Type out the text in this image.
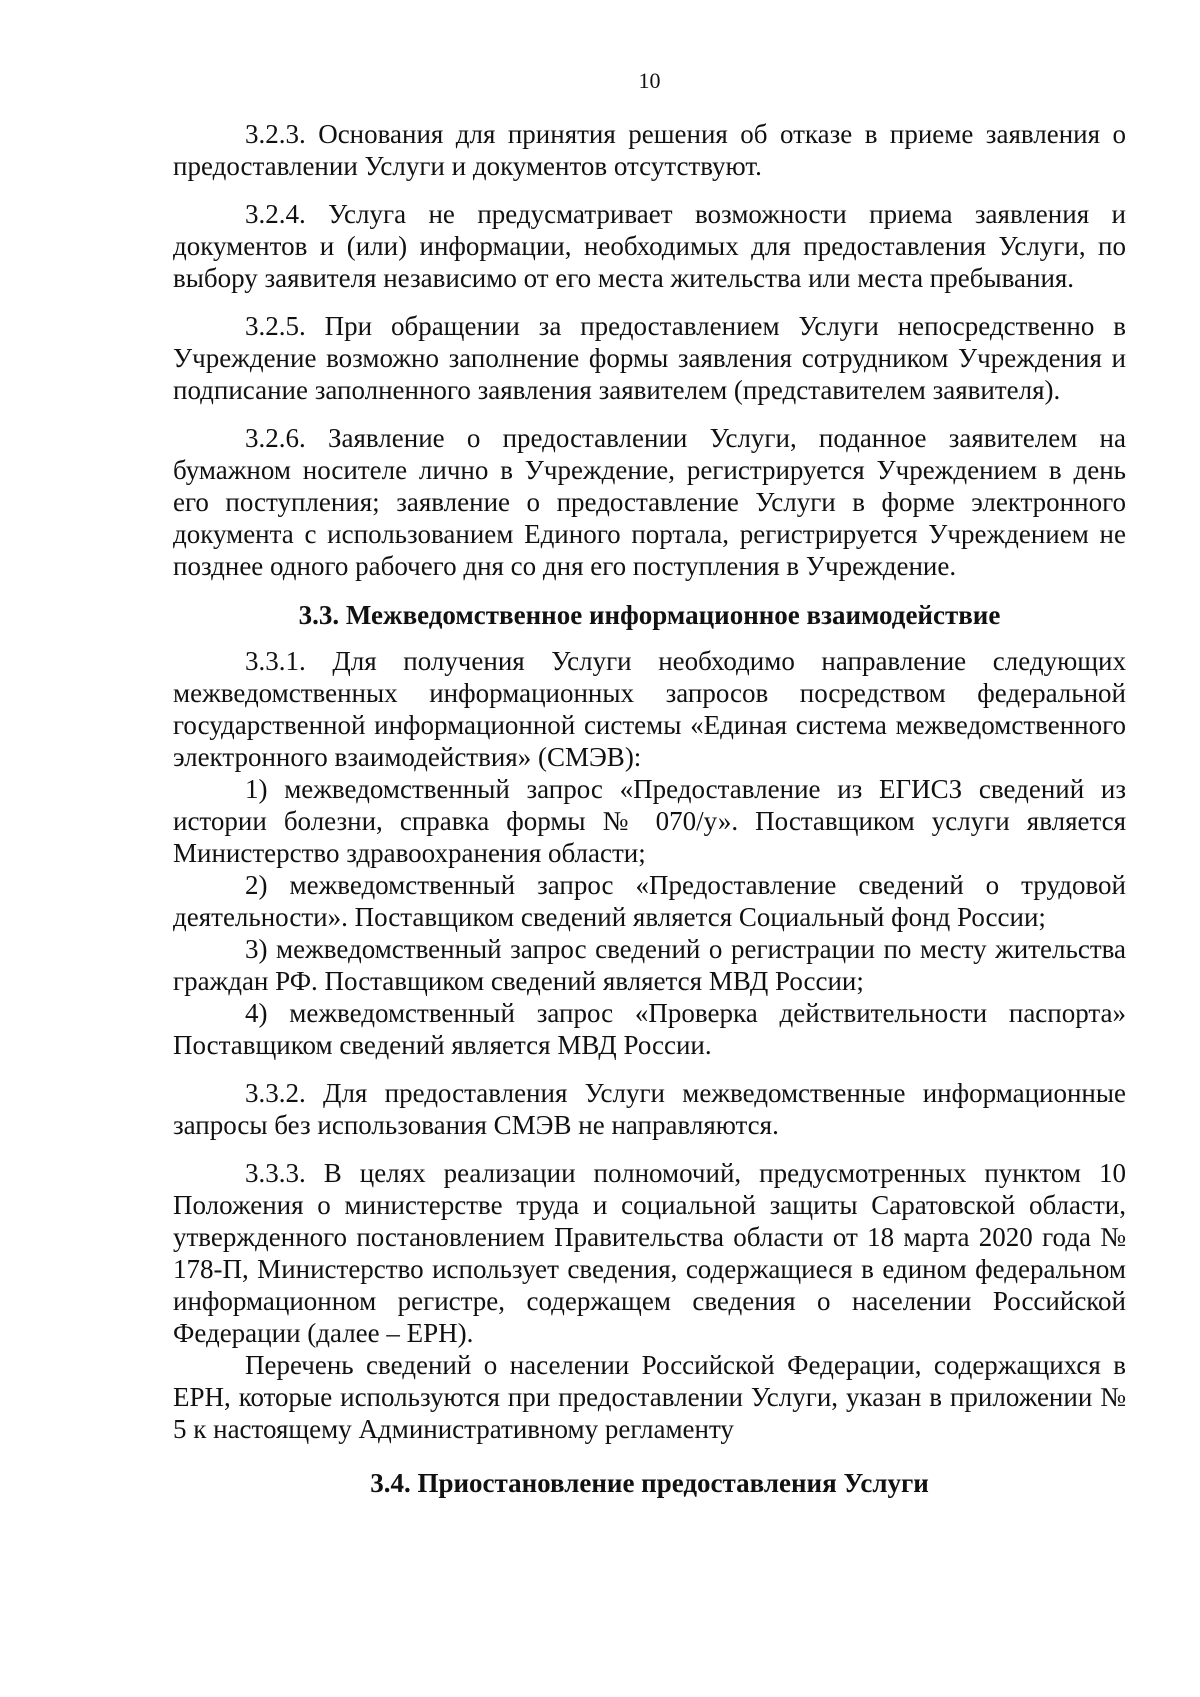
10

3.2.3. Основания для принятия решения об отказе в приеме заявления о предоставлении Услуги и документов отсутствуют.

3.2.4. Услуга не предусматривает возможности приема заявления и документов и (или) информации, необходимых для предоставления Услуги, по выбору заявителя независимо от его места жительства или места пребывания.

3.2.5. При обращении за предоставлением Услуги непосредственно в Учреждение возможно заполнение формы заявления сотрудником Учреждения и подписание заполненного заявления заявителем (представителем заявителя).

3.2.6. Заявление о предоставлении Услуги, поданное заявителем на бумажном носителе лично в Учреждение, регистрируется Учреждением в день его поступления; заявление о предоставление Услуги в форме электронного документа с использованием Единого портала, регистрируется Учреждением не позднее одного рабочего дня со дня его поступления в Учреждение.

3.3. Межведомственное информационное взаимодействие

3.3.1. Для получения Услуги необходимо направление следующих межведомственных информационных запросов посредством федеральной государственной информационной системы «Единая система межведомственного электронного взаимодействия» (СМЭВ):

1) межведомственный запрос «Предоставление из ЕГИСЗ сведений из истории болезни, справка формы № 070/у». Поставщиком услуги является Министерство здравоохранения области;

2) межведомственный запрос «Предоставление сведений о трудовой деятельности». Поставщиком сведений является Социальный фонд России;

3) межведомственный запрос сведений о регистрации по месту жительства граждан РФ. Поставщиком сведений является МВД России;

4) межведомственный запрос «Проверка действительности паспорта» Поставщиком сведений является МВД России.

3.3.2. Для предоставления Услуги межведомственные информационные запросы без использования СМЭВ не направляются.

3.3.3. В целях реализации полномочий, предусмотренных пунктом 10 Положения о министерстве труда и социальной защиты Саратовской области, утвержденного постановлением Правительства области от 18 марта 2020 года № 178-П, Министерство использует сведения, содержащиеся в едином федеральном информационном регистре, содержащем сведения о населении Российской Федерации (далее – ЕРН).

Перечень сведений о населении Российской Федерации, содержащихся в ЕРН, которые используются при предоставлении Услуги, указан в приложении № 5 к настоящему Административному регламенту

3.4. Приостановление предоставления Услуги
